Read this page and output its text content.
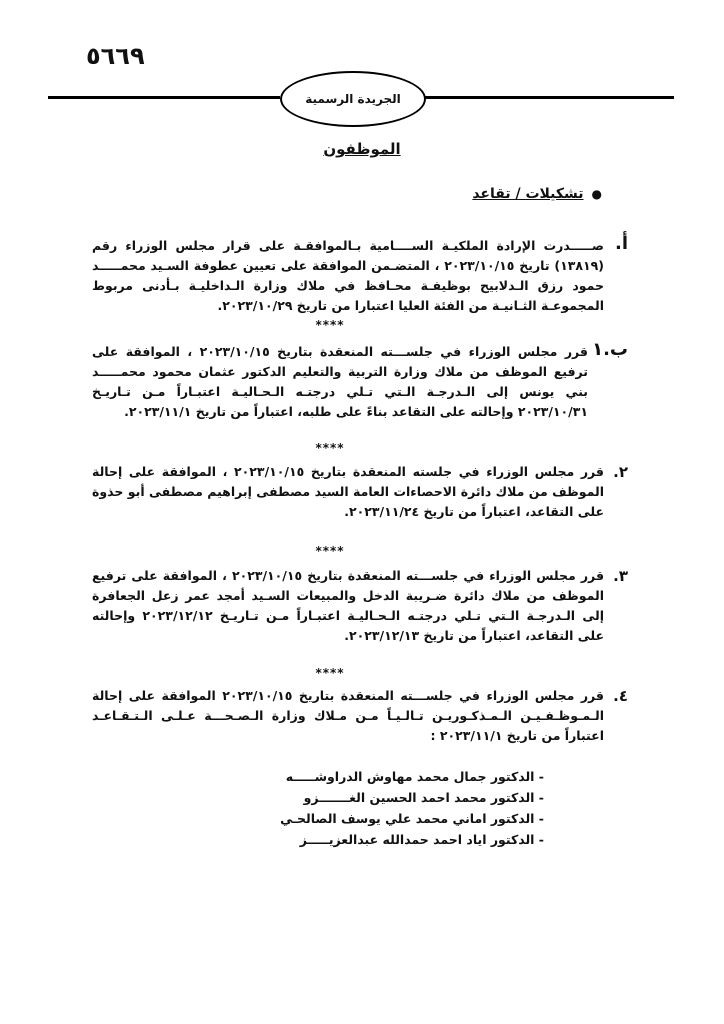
٥٦٦٩
الجريدة الرسمية
الموظفون
●
تشكيلات / تقاعد
أ.
صـــــدرت الإرادة الملكيـة الســــامية بـالموافقـة على قرار مجلس الوزراء رقم (١٣٨١٩) تاريخ ٢٠٢٣/١٠/١٥ ، المتضـمن الموافقة على تعيين عطوفة السـيد محمـــــد حمود رزق الـدلابيح بوظيفـة محـافظ في ملاك وزارة الـداخليـة بـأدنى مربوط المجموعـة الثـانيـة من الفئة العليا اعتبارا من تاريخ ٢٠٢٣/١٠/٢٩.
****
ب.١
قرر مجلس الوزراء في جلســـته المنعقدة بتاريخ ٢٠٢٣/١٠/١٥ ، الموافقة على ترفيع الموظف من ملاك وزارة التربية والتعليم الدكتور عثمان محمود محمـــــد بني يونس إلى الـدرجـة الـتي تـلي درجتـه الـحـاليـة اعتبـاراً مـن تـاريـخ ٢٠٢٣/١٠/٣١ وإحالته على التقاعد بناءً على طلبه، اعتباراً من تاريخ ٢٠٢٣/١١/١.
****
٢.
قرر مجلس الوزراء في جلسته المنعقدة بتاريخ ٢٠٢٣/١٠/١٥ ، الموافقة على إحالة الموظف من ملاك دائرة الاحصاءات العامة السيد مصطفى إبراهيم مصطفى أبو حذوة على التقاعد، اعتباراً من تاريخ ٢٠٢٣/١١/٢٤.
****
٣.
قرر مجلس الوزراء في جلســـته المنعقدة بتاريخ ٢٠٢٣/١٠/١٥ ، الموافقة على ترفيع الموظف من ملاك دائرة ضـريبة الدخل والمبيعات السـيد أمجد عمر زعل الجعافرة إلى الـدرجـة الـتي تـلي درجتـه الـحـاليـة اعتبـاراً مـن تـاريـخ ٢٠٢٣/١٢/١٢ وإحالته على التقاعد، اعتباراً من تاريخ ٢٠٢٣/١٢/١٣.
****
٤.
قرر مجلس الوزراء في جلســـته المنعقدة بتاريخ ٢٠٢٣/١٠/١٥ الموافقة على إحالة الـمـوظـفـيـن الـمـذكـوريـن تـالـيـاً مـن مـلاك وزارة الـصـحـــة عـلـى الـتـقـاعـد اعتباراً من تاريخ ٢٠٢٣/١١/١ :
- الدكتور جمال محمد مهاوش الدراوشـــــه
- الدكتور محمد احمد الحسين الغـــــــزو
- الدكتور اماني محمد علي يوسف الصالحـي
- الدكتور اياد احمد حمدالله عبدالعزيـــــز
